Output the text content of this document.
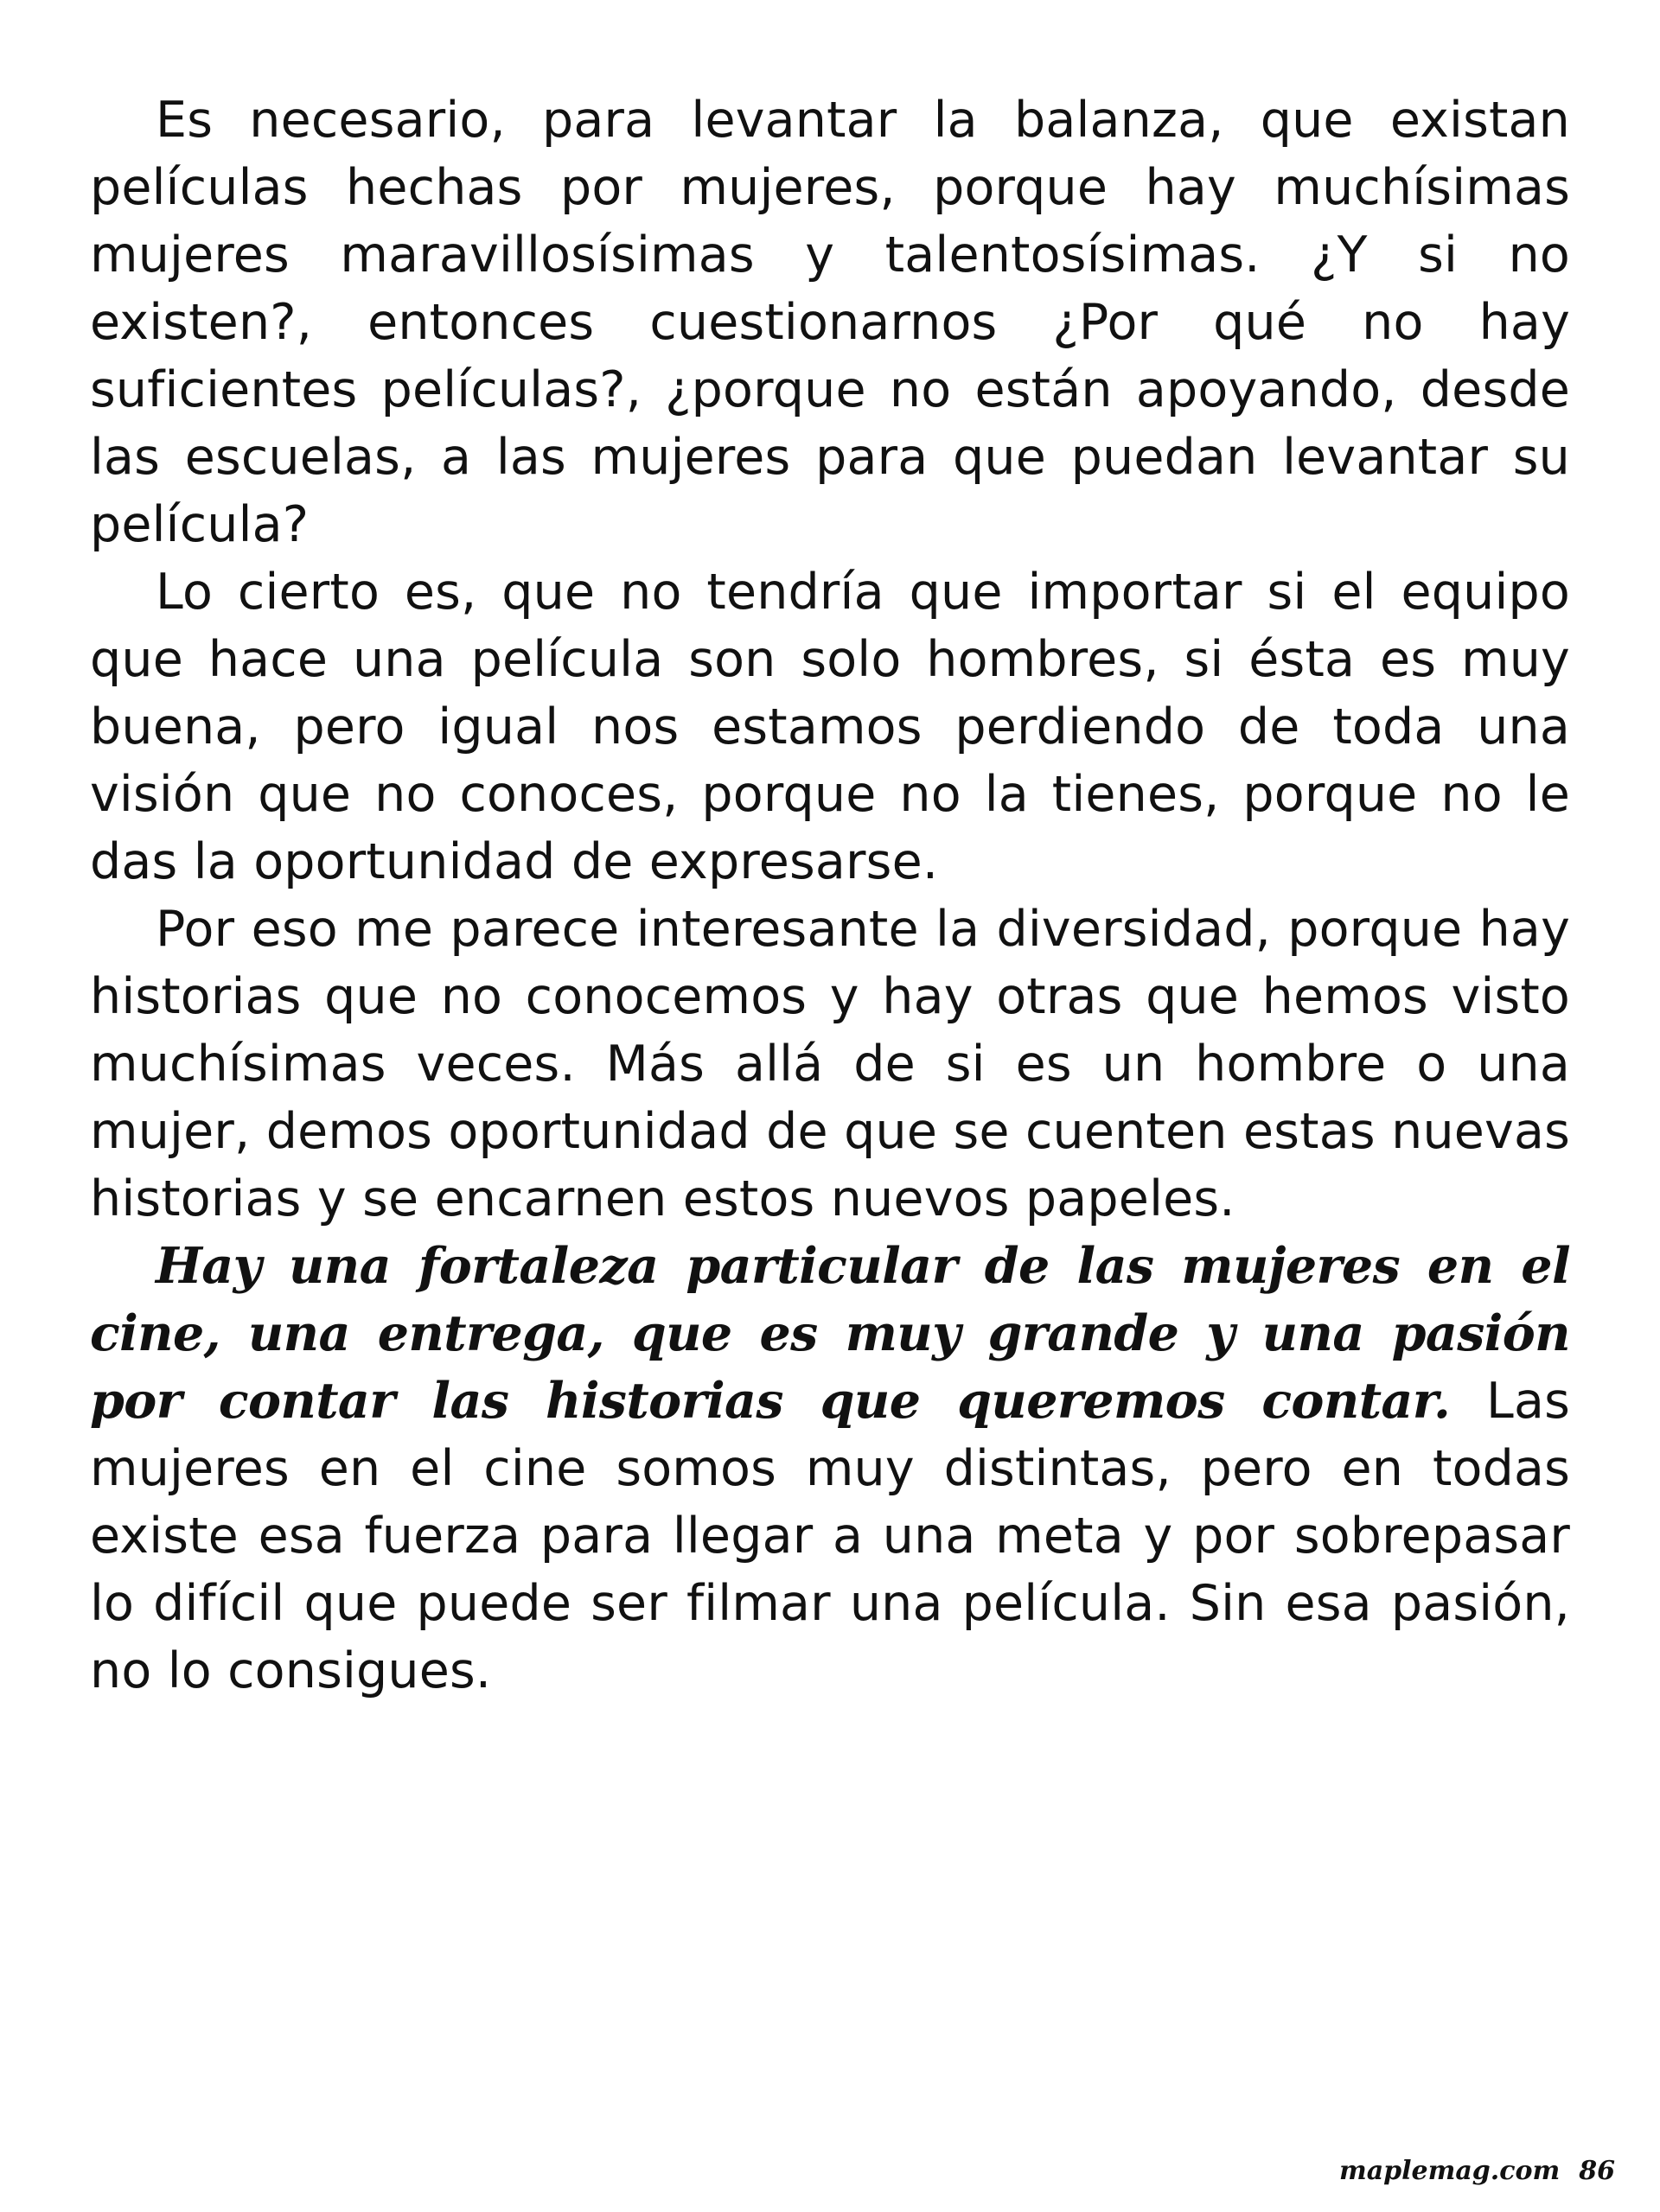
Es necesario, para levantar la balanza, que existan películas hechas por mujeres, porque hay muchísimas mujeres maravillosísimas y talentosísimas. ¿Y si no existen?, entonces cuestionarnos ¿Por qué no hay suficientes películas?, ¿porque no están apoyando, desde las escuelas, a las mujeres para que puedan levantar su película?

Lo cierto es, que no tendría que importar si el equipo que hace una película son solo hombres, si ésta es muy buena, pero igual nos estamos perdiendo de toda una visión que no conoces, porque no la tienes, porque no le das la oportunidad de expresarse.

Por eso me parece interesante la diversidad, porque hay historias que no conocemos y hay otras que hemos visto muchísimas veces. Más allá de si es un hombre o una mujer, demos oportunidad de que se cuenten estas nuevas historias y se encarnen estos nuevos papeles.

Hay una fortaleza particular de las mujeres en el cine, una entrega, que es muy grande y una pasión por contar las historias que queremos contar. Las mujeres en el cine somos muy distintas, pero en todas existe esa fuerza para llegar a una meta y por sobrepasar lo difícil que puede ser filmar una película. Sin esa pasión, no lo consigues.

maplemag.com 86
